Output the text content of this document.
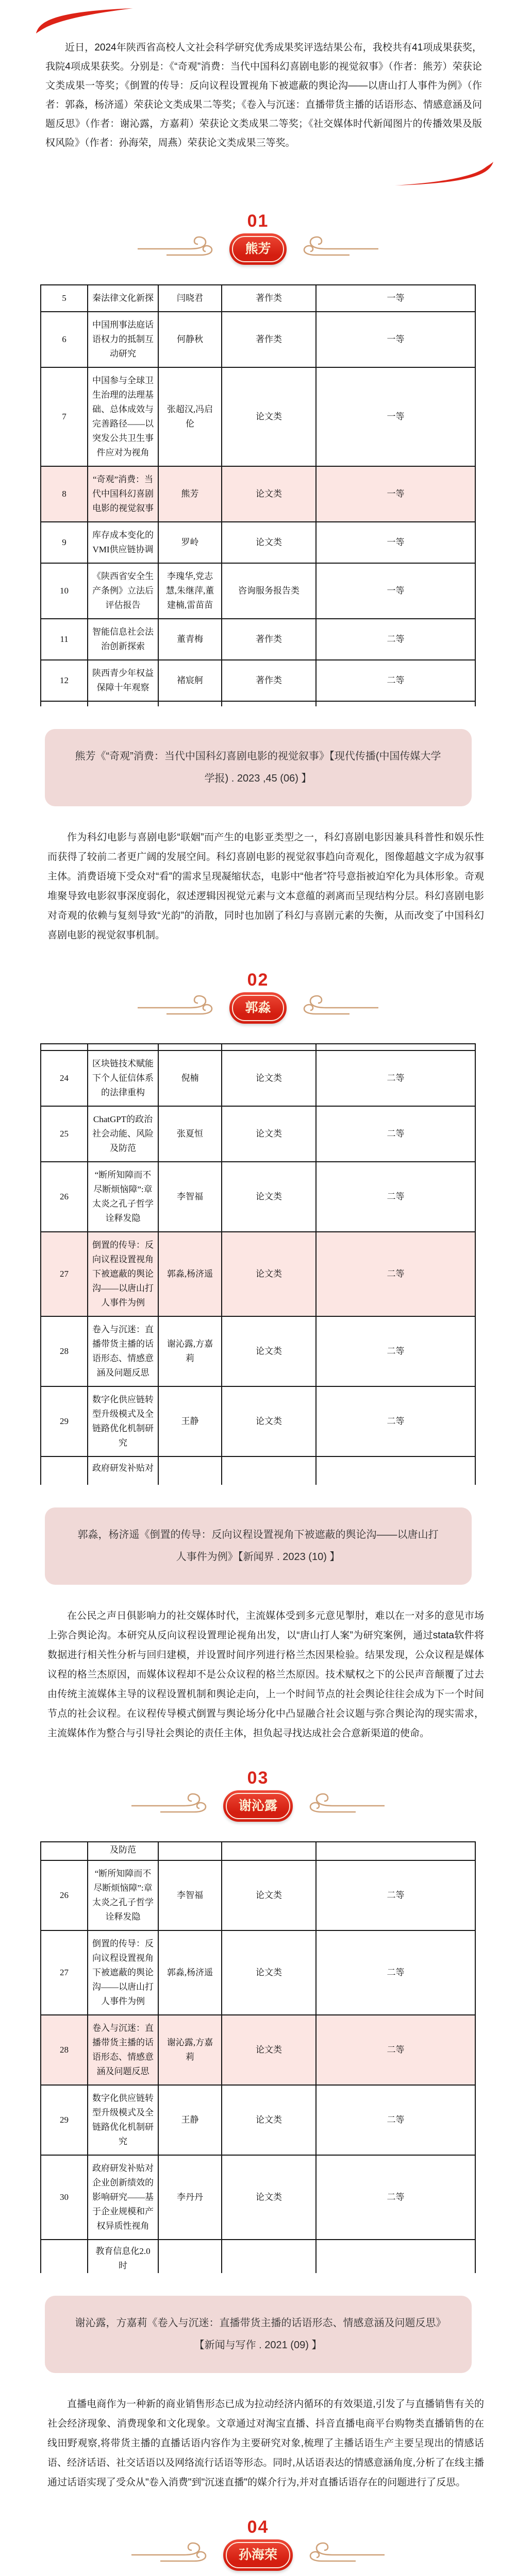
近日，2024年陕西省高校人文社会科学研究优秀成果奖评选结果公布，我校共有41项成果获奖，我院4项成果获奖。分别是：《“奇观”消费：当代中国科幻喜剧电影的视觉叙事》（作者：熊芳）荣获论文类成果一等奖；《倒置的传导：反向议程设置视角下被遮蔽的舆论沟——以唐山打人事件为例》（作者：郭淼，杨济遥）荣获论文类成果二等奖；《卷入与沉迷：直播带货主播的话语形态、情感意涵及问题反思》（作者：谢沁露，方嘉莉）荣获论文类成果二等奖；《社交媒体时代新闻图片的传播效果及版权风险》（作者：孙海荣，周燕）荣获论文类成果三等奖。

01
熊芳
5	秦法律文化新探	闫晓君	著作类	一等
6	中国刑事法庭话语权力的抵制互动研究	何静秋	著作类	一等
7	中国参与全球卫生治理的法理基础、总体成效与完善路径——以突发公共卫生事件应对为视角	张超汉,冯启伦	论文类	一等
8	“奇观”消费：当代中国科幻喜剧电影的视觉叙事	熊芳	论文类	一等
9	库存成本变化的VMI供应链协调	罗岭	论文类	一等
10	《陕西省安全生产条例》立法后评估报告	李瑰华,党志慧,朱继萍,董建楠,雷苗苗	咨询服务报告类	一等
11	智能信息社会法治创新探索	董青梅	著作类	二等
12	陕西青少年权益保障十年观察	褚宸舸	著作类	二等

熊芳《“奇观”消费：当代中国科幻喜剧电影的视觉叙事》【现代传播(中国传媒大学学报) . 2023 ,45 (06) 】

作为科幻电影与喜剧电影“联姻”而产生的电影亚类型之一，科幻喜剧电影因兼具科普性和娱乐性而获得了较前二者更广阔的发展空间。科幻喜剧电影的视觉叙事趋向奇观化，图像超越文字成为叙事主体。消费语境下受众对“看”的需求呈现凝缩状态，电影中“他者”符号意指被迫窄化为具体形象。奇观堆聚导致电影叙事深度弱化，叙述逻辑因视觉元素与文本意蕴的剥离而呈现结构分层。科幻喜剧电影对奇观的依赖与复刻导致“光韵”的消散，同时也加剧了科幻与喜剧元素的失衡，从而改变了中国科幻喜剧电影的视觉叙事机制。

02
郭淼

24	区块链技术赋能下个人征信体系的法律重构	倪楠	论文类	二等
25	ChatGPT的政治社会动能、风险及防范	张夏恒	论文类	二等
26	“断所知障而不尽断烦恼障”:章太炎之孔子哲学诠释发隐	李智福	论文类	二等
27	倒置的传导：反向议程设置视角下被遮蔽的舆论沟——以唐山打人事件为例	郭淼,杨济遥	论文类	二等
28	卷入与沉迷：直播带货主播的话语形态、情感意涵及问题反思	谢沁露,方嘉莉	论文类	二等
29	数字化供应链转型升级模式及全链路优化机制研究	王静	论文类	二等
	政府研发补贴对			
郭淼，杨济遥《倒置的传导：反向议程设置视角下被遮蔽的舆论沟——以唐山打人事件为例》【新闻界 . 2023 (10) 】

在公民之声日俱影响力的社交媒体时代，主流媒体受到多元意见掣肘，难以在一对多的意见市场上弥合舆论沟。本研究从反向议程设置理论视角出发，以“唐山打人案”为研究案例，通过stata软件将数据进行相关性分析与回归建模，并设置时间序列进行格兰杰因果检验。结果发现，公众议程是媒体议程的格兰杰原因，而媒体议程却不是公众议程的格兰杰原因。技术赋权之下的公民声音颠覆了过去由传统主流媒体主导的议程设置机制和舆论走向，上一个时间节点的社会舆论往往会成为下一个时间节点的社会议程。在议程传导模式倒置与舆论场分化中凸显融合社会议题与弥合舆论沟的现实需求，主流媒体作为整合与引导社会舆论的责任主体，担负起寻找达成社会合意新渠道的使命。

03
谢沁露
	及防范			
26	“断所知障而不尽断烦恼障”:章太炎之孔子哲学诠释发隐	李智福	论文类	二等
27	倒置的传导：反向议程设置视角下被遮蔽的舆论沟——以唐山打人事件为例	郭淼,杨济遥	论文类	二等
28	卷入与沉迷：直播带货主播的话语形态、情感意涵及问题反思	谢沁露,方嘉莉	论文类	二等
29	数字化供应链转型升级模式及全链路优化机制研究	王静	论文类	二等
30	政府研发补贴对企业创新绩效的影响研究——基于企业规模和产权异质性视角	李丹丹	论文类	二等
	教育信息化2.0时			
谢沁露，方嘉莉《卷入与沉迷：直播带货主播的话语形态、情感意涵及问题反思》【新闻与写作 . 2021 (09) 】

直播电商作为一种新的商业销售形态已成为拉动经济内循环的有效渠道,引发了与直播销售有关的社会经济现象、消费现象和文化现象。文章通过对淘宝直播、抖音直播电商平台购物类直播销售的在线田野观察,将带货主播的直播话语内容作为主要研究对象,梳理了主播话语生产主要呈现出的情感话语、经济话语、社交话语以及网络流行话语等形态。同时,从话语表达的情感意涵角度,分析了在线主播通过话语实现了受众从"卷入消费"到"沉迷直播"的媒介行为,并对直播话语存在的问题进行了反思。

04
孙海荣
